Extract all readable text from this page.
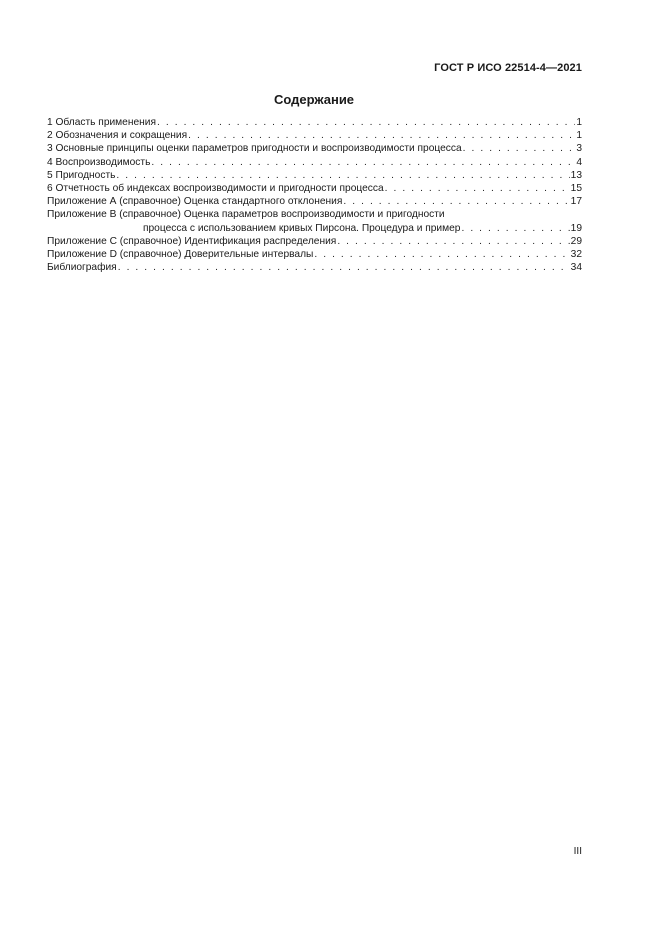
ГОСТ Р ИСО 22514-4—2021
Содержание
1 Область применения . . .	1
2 Обозначения и сокращения . . .	1
3 Основные принципы оценки параметров пригодности и воспроизводимости процесса . . .	3
4 Воспроизводимость . . .	4
5 Пригодность . . .	13
6 Отчетность об индексах воспроизводимости и пригодности процесса . . .	15
Приложение А (справочное) Оценка стандартного отклонения . . .	17
Приложение В (справочное) Оценка параметров воспроизводимости и пригодности
процесса с использованием кривых Пирсона. Процедура и пример . . .	19
Приложение С (справочное) Идентификация распределения . . .	29
Приложение D (справочное) Доверительные интервалы . . .	32
Библиография . . .	34
III
